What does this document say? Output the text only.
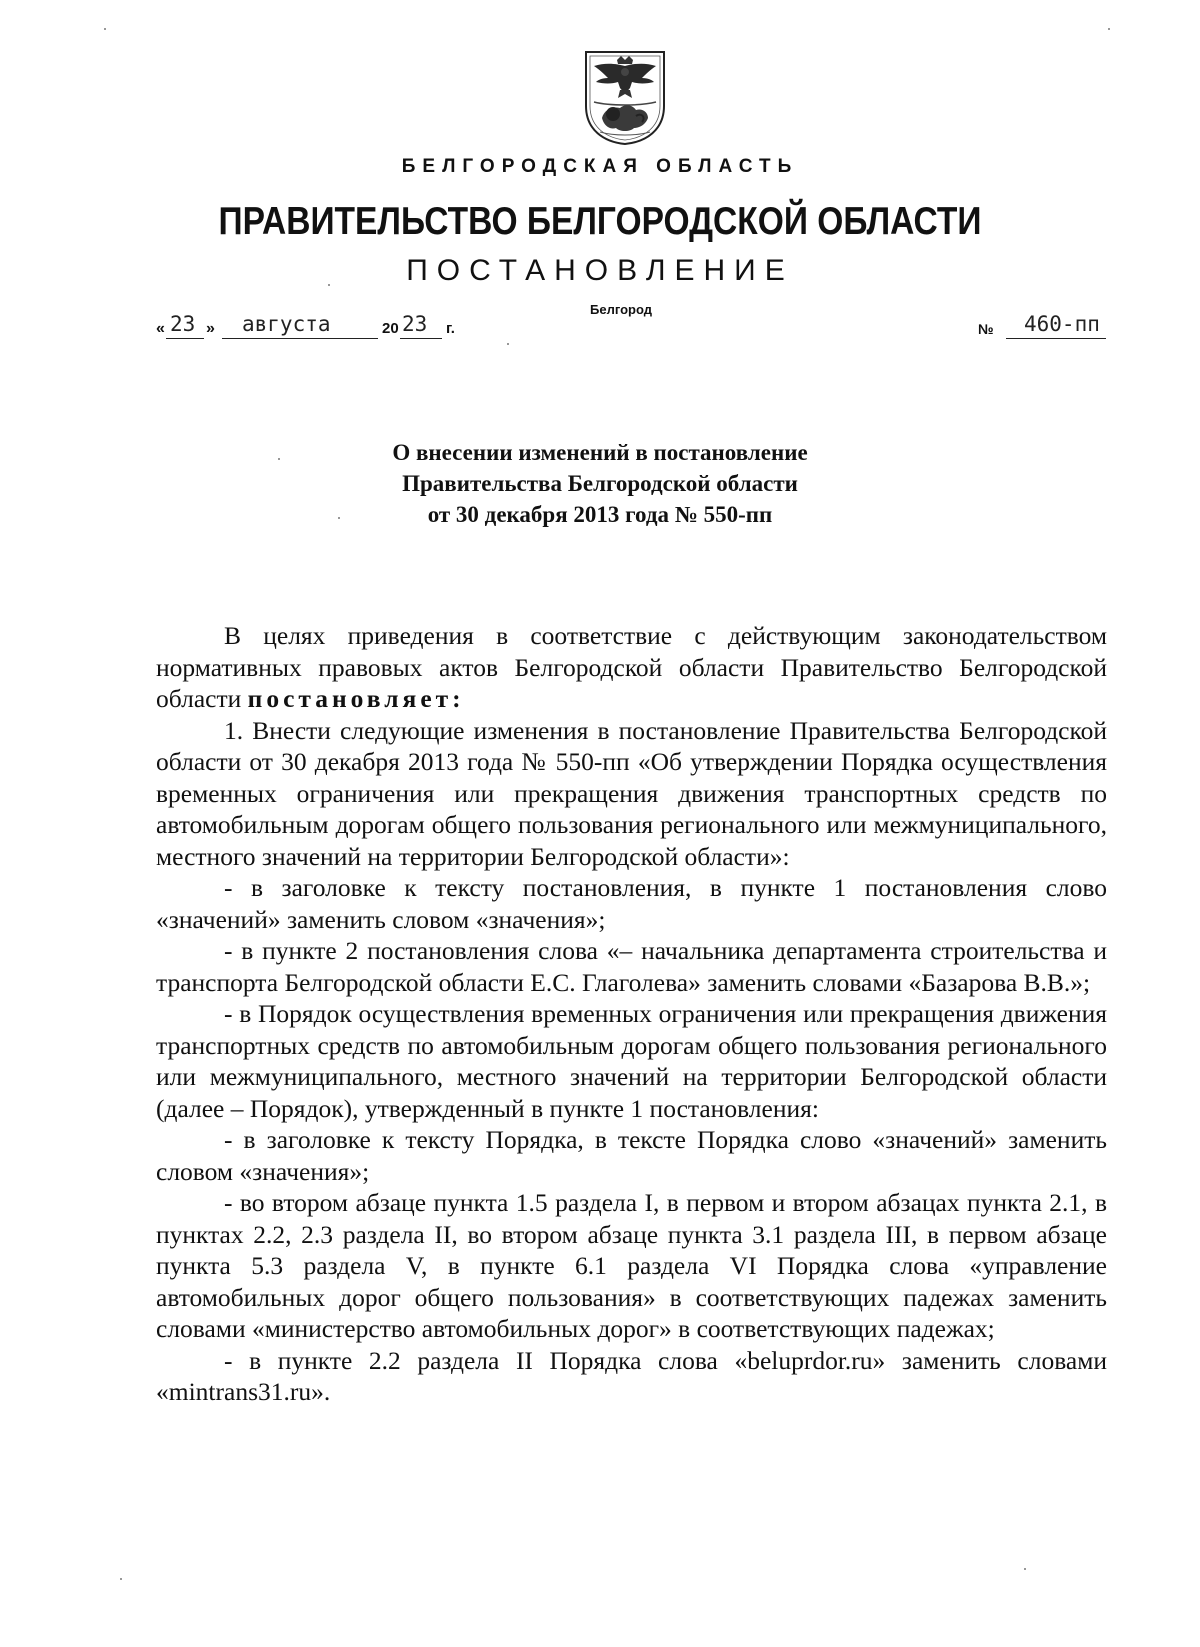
БЕЛГОРОДСКАЯ ОБЛАСТЬ
ПРАВИТЕЛЬСТВО БЕЛГОРОДСКОЙ ОБЛАСТИ
ПОСТАНОВЛЕНИЕ
Белгород
« 23 » августа	20 23 г.	№ 460-пп
О внесении изменений в постановление
Правительства Белгородской области
от 30 декабря 2013 года № 550-пп

В целях приведения в соответствие с действующим законодательством нормативных правовых актов Белгородской области Правительство Белгородской области постановляет:

1. Внести следующие изменения в постановление Правительства Белгородской области от 30 декабря 2013 года № 550-пп «Об утверждении Порядка осуществления временных ограничения или прекращения движения транспортных средств по автомобильным дорогам общего пользования регионального или межмуниципального, местного значений на территории Белгородской области»:

- в заголовке к тексту постановления, в пункте 1 постановления слово «значений» заменить словом «значения»;

- в пункте 2 постановления слова «– начальника департамента строительства и транспорта Белгородской области Е.С. Глаголева» заменить словами «Базарова В.В.»;

- в Порядок осуществления временных ограничения или прекращения движения транспортных средств по автомобильным дорогам общего пользования регионального или межмуниципального, местного значений на территории Белгородской области (далее – Порядок), утвержденный в пункте 1 постановления:

- в заголовке к тексту Порядка, в тексте Порядка слово «значений» заменить словом «значения»;

- во втором абзаце пункта 1.5 раздела I, в первом и втором абзацах пункта 2.1, в пунктах 2.2, 2.3 раздела II, во втором абзаце пункта 3.1 раздела III, в первом абзаце пункта 5.3 раздела V, в пункте 6.1 раздела VI Порядка слова «управление автомобильных дорог общего пользования» в соответствующих падежах заменить словами «министерство автомобильных дорог» в соответствующих падежах;

- в пункте 2.2 раздела II Порядка слова «beluprdor.ru» заменить словами «mintrans31.ru».
